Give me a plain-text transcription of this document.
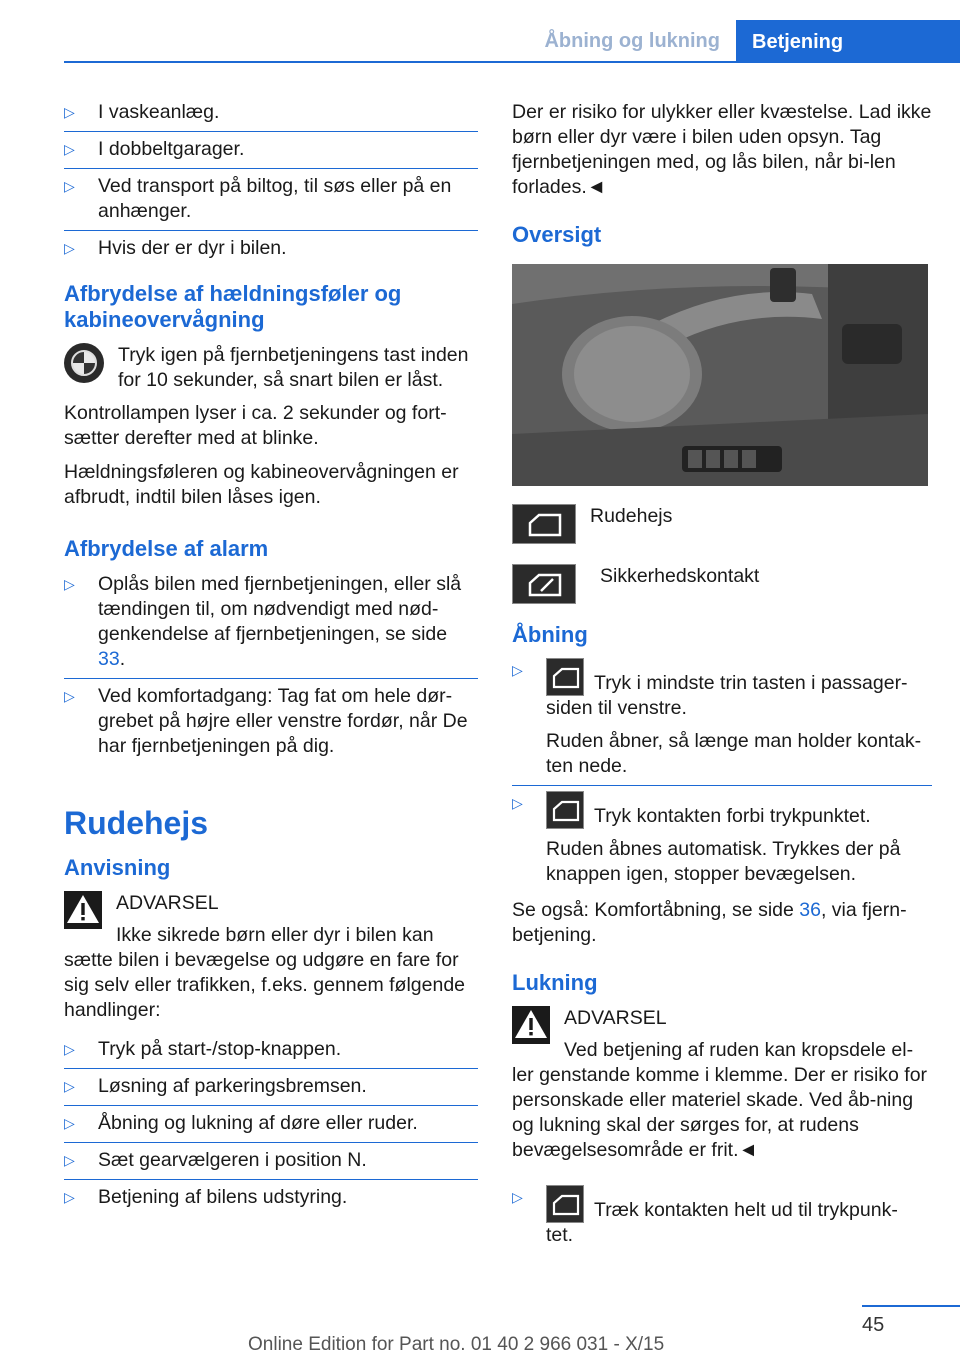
Åbning og lukning	Betjening
▷	I vaskeanlæg.
▷	I dobbeltgarager.
▷	Ved transport på biltog, til søs eller på en anhænger.
▷	Hvis der er dyr i bilen.
Afbrydelse af hældningsføler og kabineovervågning
Tryk igen på fjernbetjeningens tast inden for 10 sekunder, så snart bilen er låst.

Kontrollampen lyser i ca. 2 sekunder og fort-sætter derefter med at blinke.

Hældningsføleren og kabineovervågningen er afbrudt, indtil bilen låses igen.

Afbrydelse af alarm
▷	Oplås bilen med fjernbetjeningen, eller slå tændingen til, om nødvendigt med nød-genkendelse af fjernbetjeningen, se side 33.
▷	Ved komfortadgang: Tag fat om hele dør-grebet på højre eller venstre fordør, når De har fjernbetjeningen på dig.
Rudehejs
Anvisning
ADVARSEL
Ikke sikrede børn eller dyr i bilen kan

sætte bilen i bevægelse og udgøre en fare for sig selv eller trafikken, f.eks. gennem følgende handlinger:

▷	Tryk på start-/stop-knappen.
▷	Løsning af parkeringsbremsen.
▷	Åbning og lukning af døre eller ruder.
▷	Sæt gearvælgeren i position N.
▷	Betjening af bilens udstyring.

Der er risiko for ulykker eller kvæstelse. Lad ikke børn eller dyr være i bilen uden opsyn. Tag fjernbetjeningen med, og lås bilen, når bi-len forlades.◄

Oversigt
Rudehejs
Sikkerhedskontakt
Åbning
▷
Tryk i mindste trin tasten i passager-
siden til venstre.
Ruden åbner, så længe man holder kontak-ten nede.
▷
Tryk kontakten forbi trykpunktet.
Ruden åbnes automatisk. Trykkes der på knappen igen, stopper bevægelsen.

Se også: Komfortåbning, se side 36, via fjern-betjening.

Lukning
ADVARSEL
Ved betjening af ruden kan kropsdele el-

ler genstande komme i klemme. Der er risiko for personskade eller materiel skade. Ved åb-ning og lukning skal der sørges for, at rudens bevægelsesområde er frit.◄

▷
Træk kontakten helt ud til trykpunk-
tet.
45
Online Edition for Part no. 01 40 2 966 031 - X/15
